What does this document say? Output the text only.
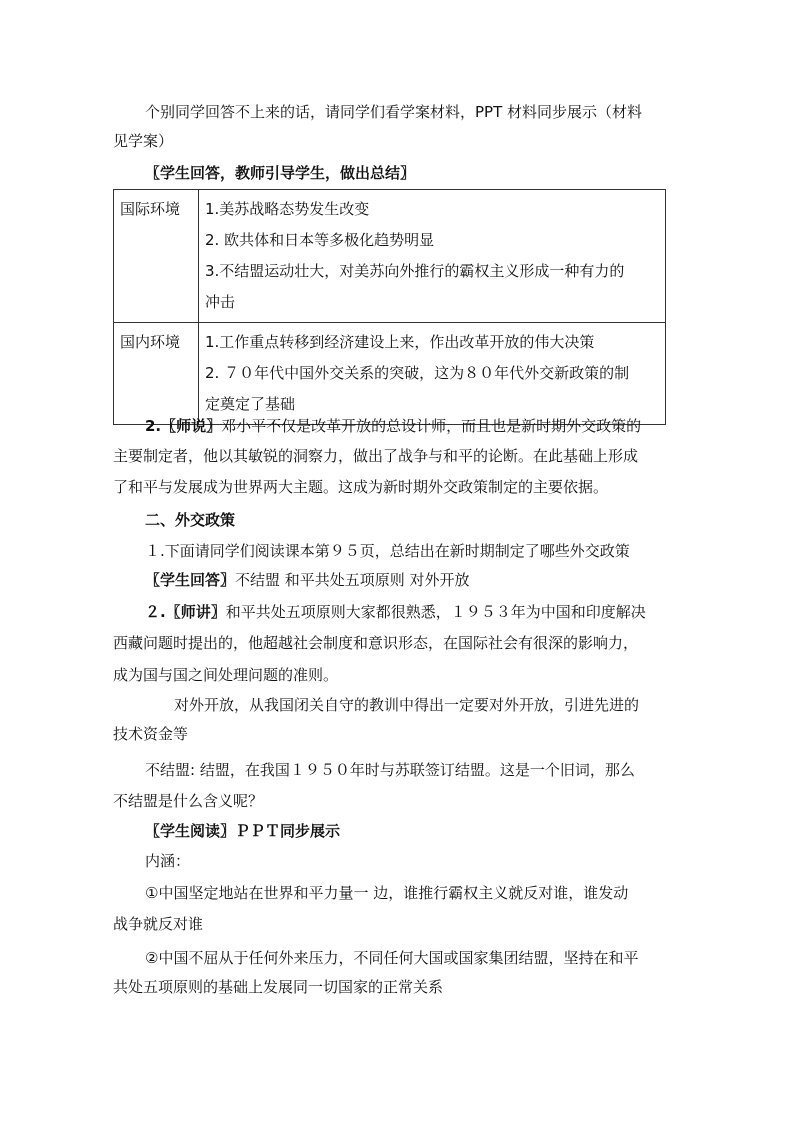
个别同学回答不上来的话，请同学们看学案材料，PPT 材料同步展示（材料
见学案）
〖学生回答，教师引导学生，做出总结〗
国际环境	1.美苏战略态势发生改变
2. 欧共体和日本等多极化趋势明显
3.不结盟运动壮大，对美苏向外推行的霸权主义形成一种有力的
冲击

国内环境	1.工作重点转移到经济建设上来，作出改革开放的伟大决策
2. ７０年代中国外交关系的突破，这为８０年代外交新政策的制
定奠定了基础
2.〖师说〗邓小平不仅是改革开放的总设计师，而且也是新时期外交政策的
主要制定者，他以其敏锐的洞察力，做出了战争与和平的论断。在此基础上形成
了和平与发展成为世界两大主题。这成为新时期外交政策制定的主要依据。
二、外交政策
１.下面请同学们阅读课本第９５页，总结出在新时期制定了哪些外交政策
〖学生回答〗不结盟 和平共处五项原则 对外开放
２.〖师讲〗和平共处五项原则大家都很熟悉，１９５３年为中国和印度解决
西藏问题时提出的，他超越社会制度和意识形态，在国际社会有很深的影响力，
成为国与国之间处理问题的准则。
对外开放，从我国闭关自守的教训中得出一定要对外开放，引进先进的
技术资金等
不结盟: 结盟，在我国１９５０年时与苏联签订结盟。这是一个旧词，那么
不结盟是什么含义呢？
〖学生阅读〗ＰＰＴ同步展示
内涵：
①中国坚定地站在世界和平力量一 边，谁推行霸权主义就反对谁，谁发动
战争就反对谁
②中国不屈从于任何外来压力，不同任何大国或国家集团结盟，坚持在和平
共处五项原则的基础上发展同一切国家的正常关系
